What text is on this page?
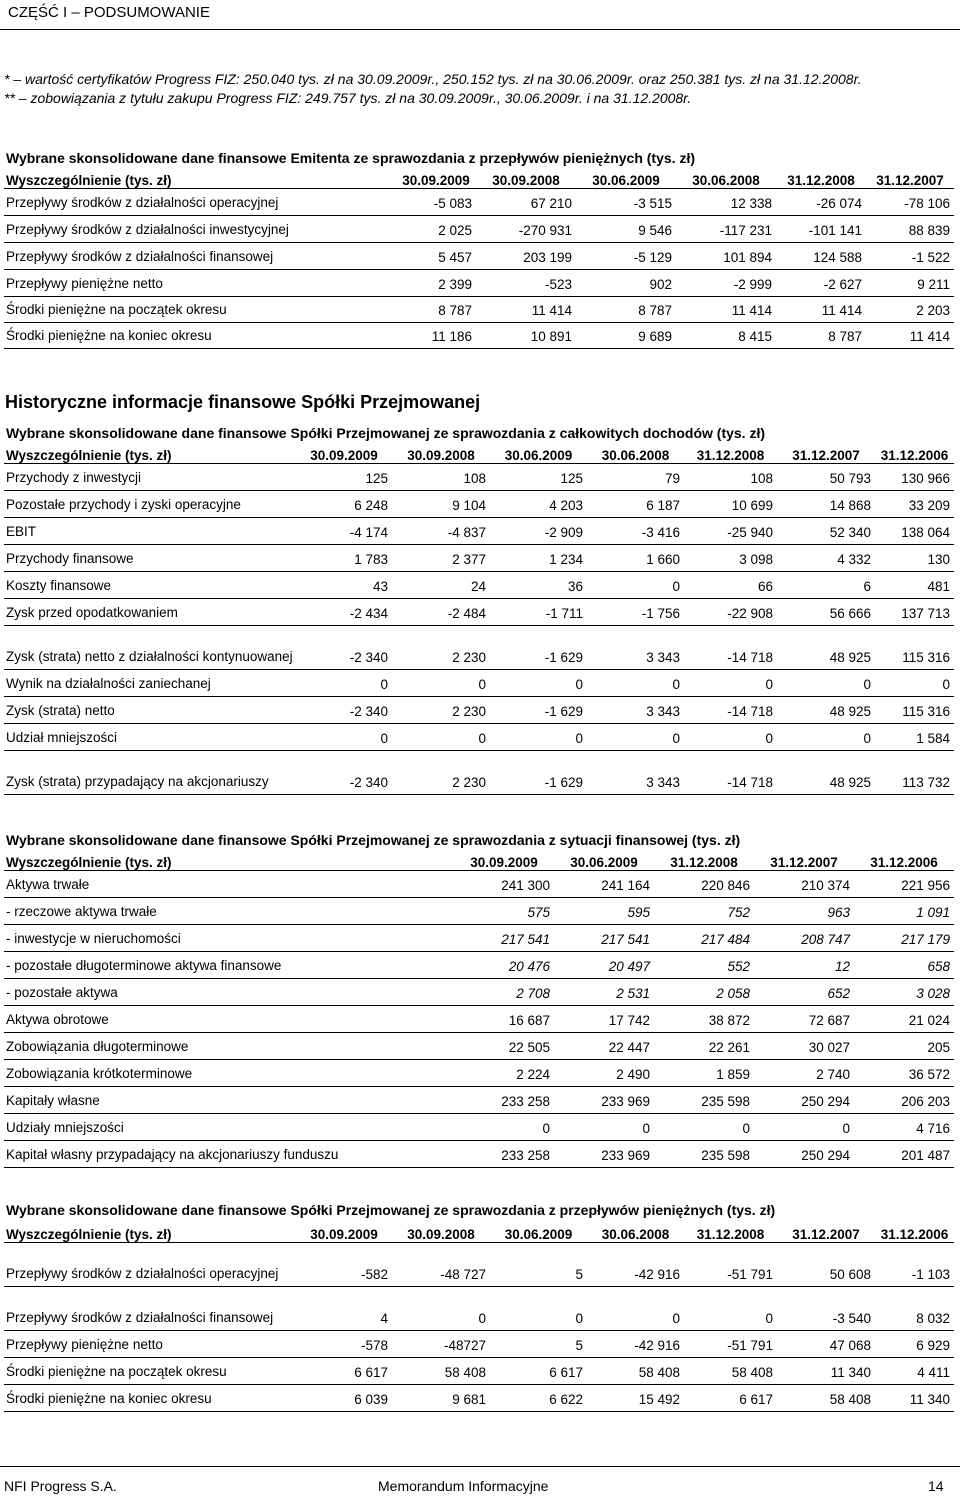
CZĘŚĆ I – PODSUMOWANIE

* – wartość certyfikatów Progress FIZ: 250.040 tys. zł na 30.09.2009r., 250.152 tys. zł na 30.06.2009r. oraz 250.381 tys. zł na 31.12.2008r.

** – zobowiązania z tytułu zakupu Progress FIZ: 249.757 tys. zł na 30.09.2009r., 30.06.2009r. i na 31.12.2008r.

Wybrane skonsolidowane dane finansowe Emitenta ze sprawozdania z przepływów pieniężnych (tys. zł)
Wyszczególnienie (tys. zł)	30.09.2009	30.09.2008	30.06.2009	30.06.2008	31.12.2008	31.12.2007
Przepływy środków z działalności operacyjnej	-5 083	67 210	-3 515	12 338	-26 074	-78 106
Przepływy środków z działalności inwestycyjnej	2 025	-270 931	9 546	-117 231	-101 141	88 839
Przepływy środków z działalności finansowej	5 457	203 199	-5 129	101 894	124 588	-1 522
Przepływy pieniężne netto	2 399	-523	902	-2 999	-2 627	9 211
Środki pieniężne na początek okresu	8 787	11 414	8 787	11 414	11 414	2 203
Środki pieniężne na koniec okresu	11 186	10 891	9 689	8 415	8 787	11 414
Historyczne informacje finansowe Spółki Przejmowanej
Wybrane skonsolidowane dane finansowe Spółki Przejmowanej ze sprawozdania z całkowitych dochodów (tys. zł)
Wyszczególnienie (tys. zł)	30.09.2009	30.09.2008	30.06.2009	30.06.2008	31.12.2008	31.12.2007	31.12.2006
Przychody z inwestycji	125	108	125	79	108	50 793	130 966
Pozostałe przychody i zyski operacyjne	6 248	9 104	4 203	6 187	10 699	14 868	33 209
EBIT	-4 174	-4 837	-2 909	-3 416	-25 940	52 340	138 064
Przychody finansowe	1 783	2 377	1 234	1 660	3 098	4 332	130
Koszty finansowe	43	24	36	0	66	6	481
Zysk przed opodatkowaniem	-2 434	-2 484	-1 711	-1 756	-22 908	56 666	137 713
Zysk (strata) netto z działalności kontynuowanej	-2 340	2 230	-1 629	3 343	-14 718	48 925	115 316
Wynik na działalności zaniechanej	0	0	0	0	0	0	0
Zysk (strata) netto	-2 340	2 230	-1 629	3 343	-14 718	48 925	115 316
Udział mniejszości	0	0	0	0	0	0	1 584
Zysk (strata) przypadający na akcjonariuszy	-2 340	2 230	-1 629	3 343	-14 718	48 925	113 732
Wybrane skonsolidowane dane finansowe Spółki Przejmowanej ze sprawozdania z sytuacji finansowej (tys. zł)
Wyszczególnienie (tys. zł)	30.09.2009	30.06.2009	31.12.2008	31.12.2007	31.12.2006
Aktywa trwałe	241 300	241 164	220 846	210 374	221 956
- rzeczowe aktywa trwałe	575	595	752	963	1 091
- inwestycje w nieruchomości	217 541	217 541	217 484	208 747	217 179
- pozostałe długoterminowe aktywa finansowe	20 476	20 497	552	12	658
- pozostałe aktywa	2 708	2 531	2 058	652	3 028
Aktywa obrotowe	16 687	17 742	38 872	72 687	21 024
Zobowiązania długoterminowe	22 505	22 447	22 261	30 027	205
Zobowiązania krótkoterminowe	2 224	2 490	1 859	2 740	36 572
Kapitały własne	233 258	233 969	235 598	250 294	206 203
Udziały mniejszości	0	0	0	0	4 716
Kapitał własny przypadający na akcjonariuszy funduszu	233 258	233 969	235 598	250 294	201 487
Wybrane skonsolidowane dane finansowe Spółki Przejmowanej ze sprawozdania z przepływów pieniężnych (tys. zł)
Wyszczególnienie (tys. zł)	30.09.2009	30.09.2008	30.06.2009	30.06.2008	31.12.2008	31.12.2007	31.12.2006
Przepływy środków z działalności operacyjnej	-582	-48 727	5	-42 916	-51 791	50 608	-1 103
Przepływy środków z działalności finansowej	4	0	0	0	0	-3 540	8 032
Przepływy pieniężne netto	-578	-48727	5	-42 916	-51 791	47 068	6 929
Środki pieniężne na początek okresu	6 617	58 408	6 617	58 408	58 408	11 340	4 411
Środki pieniężne na koniec okresu	6 039	9 681	6 622	15 492	6 617	58 408	11 340
NFI Progress S.A.	Memorandum Informacyjne	14
